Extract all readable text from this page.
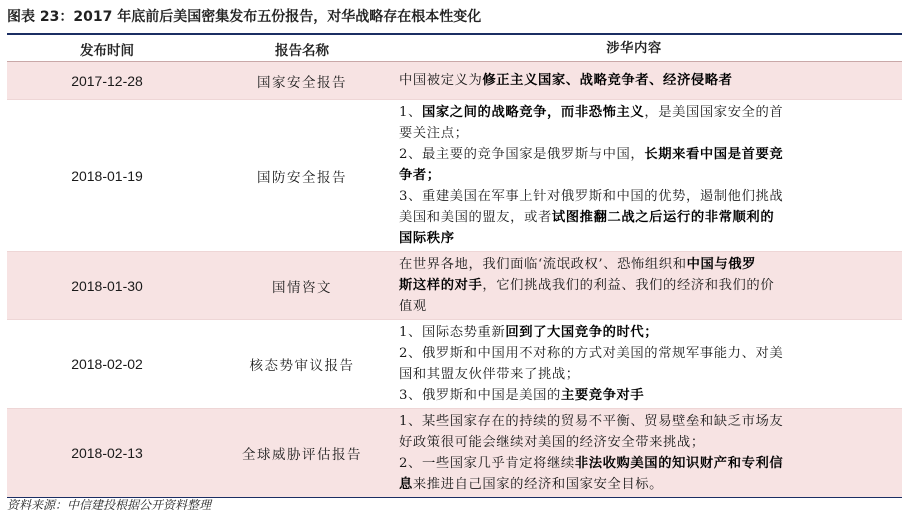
图表 23：2017 年底前后美国密集发布五份报告，对华战略存在根本性变化
发布时间	报告名称	涉华内容
2017-12-28	国家安全报告	中国被定义为修正主义国家、战略竞争者、经济侵略者
2018-01-19	国防安全报告
1、国家之间的战略竞争，而非恐怖主义，是美国国家安全的首
要关注点；
2、最主要的竞争国家是俄罗斯与中国，长期来看中国是首要竞
争者；
3、重建美国在军事上针对俄罗斯和中国的优势，遏制他们挑战
美国和美国的盟友，或者试图推翻二战之后运行的非常顺利的
国际秩序
2018-01-30	国情咨文
在世界各地，我们面临‘流氓政权’、恐怖组织和中国与俄罗
斯这样的对手，它们挑战我们的利益、我们的经济和我们的价
值观
2018-02-02	核态势审议报告
1、国际态势重新回到了大国竞争的时代；
2、俄罗斯和中国用不对称的方式对美国的常规军事能力、对美
国和其盟友伙伴带来了挑战；
3、俄罗斯和中国是美国的主要竞争对手
2018-02-13	全球威胁评估报告
1、某些国家存在的持续的贸易不平衡、贸易壁垒和缺乏市场友
好政策很可能会继续对美国的经济安全带来挑战；
2、一些国家几乎肯定将继续非法收购美国的知识财产和专利信
息来推进自己国家的经济和国家安全目标。
资料来源：中信建投根据公开资料整理
